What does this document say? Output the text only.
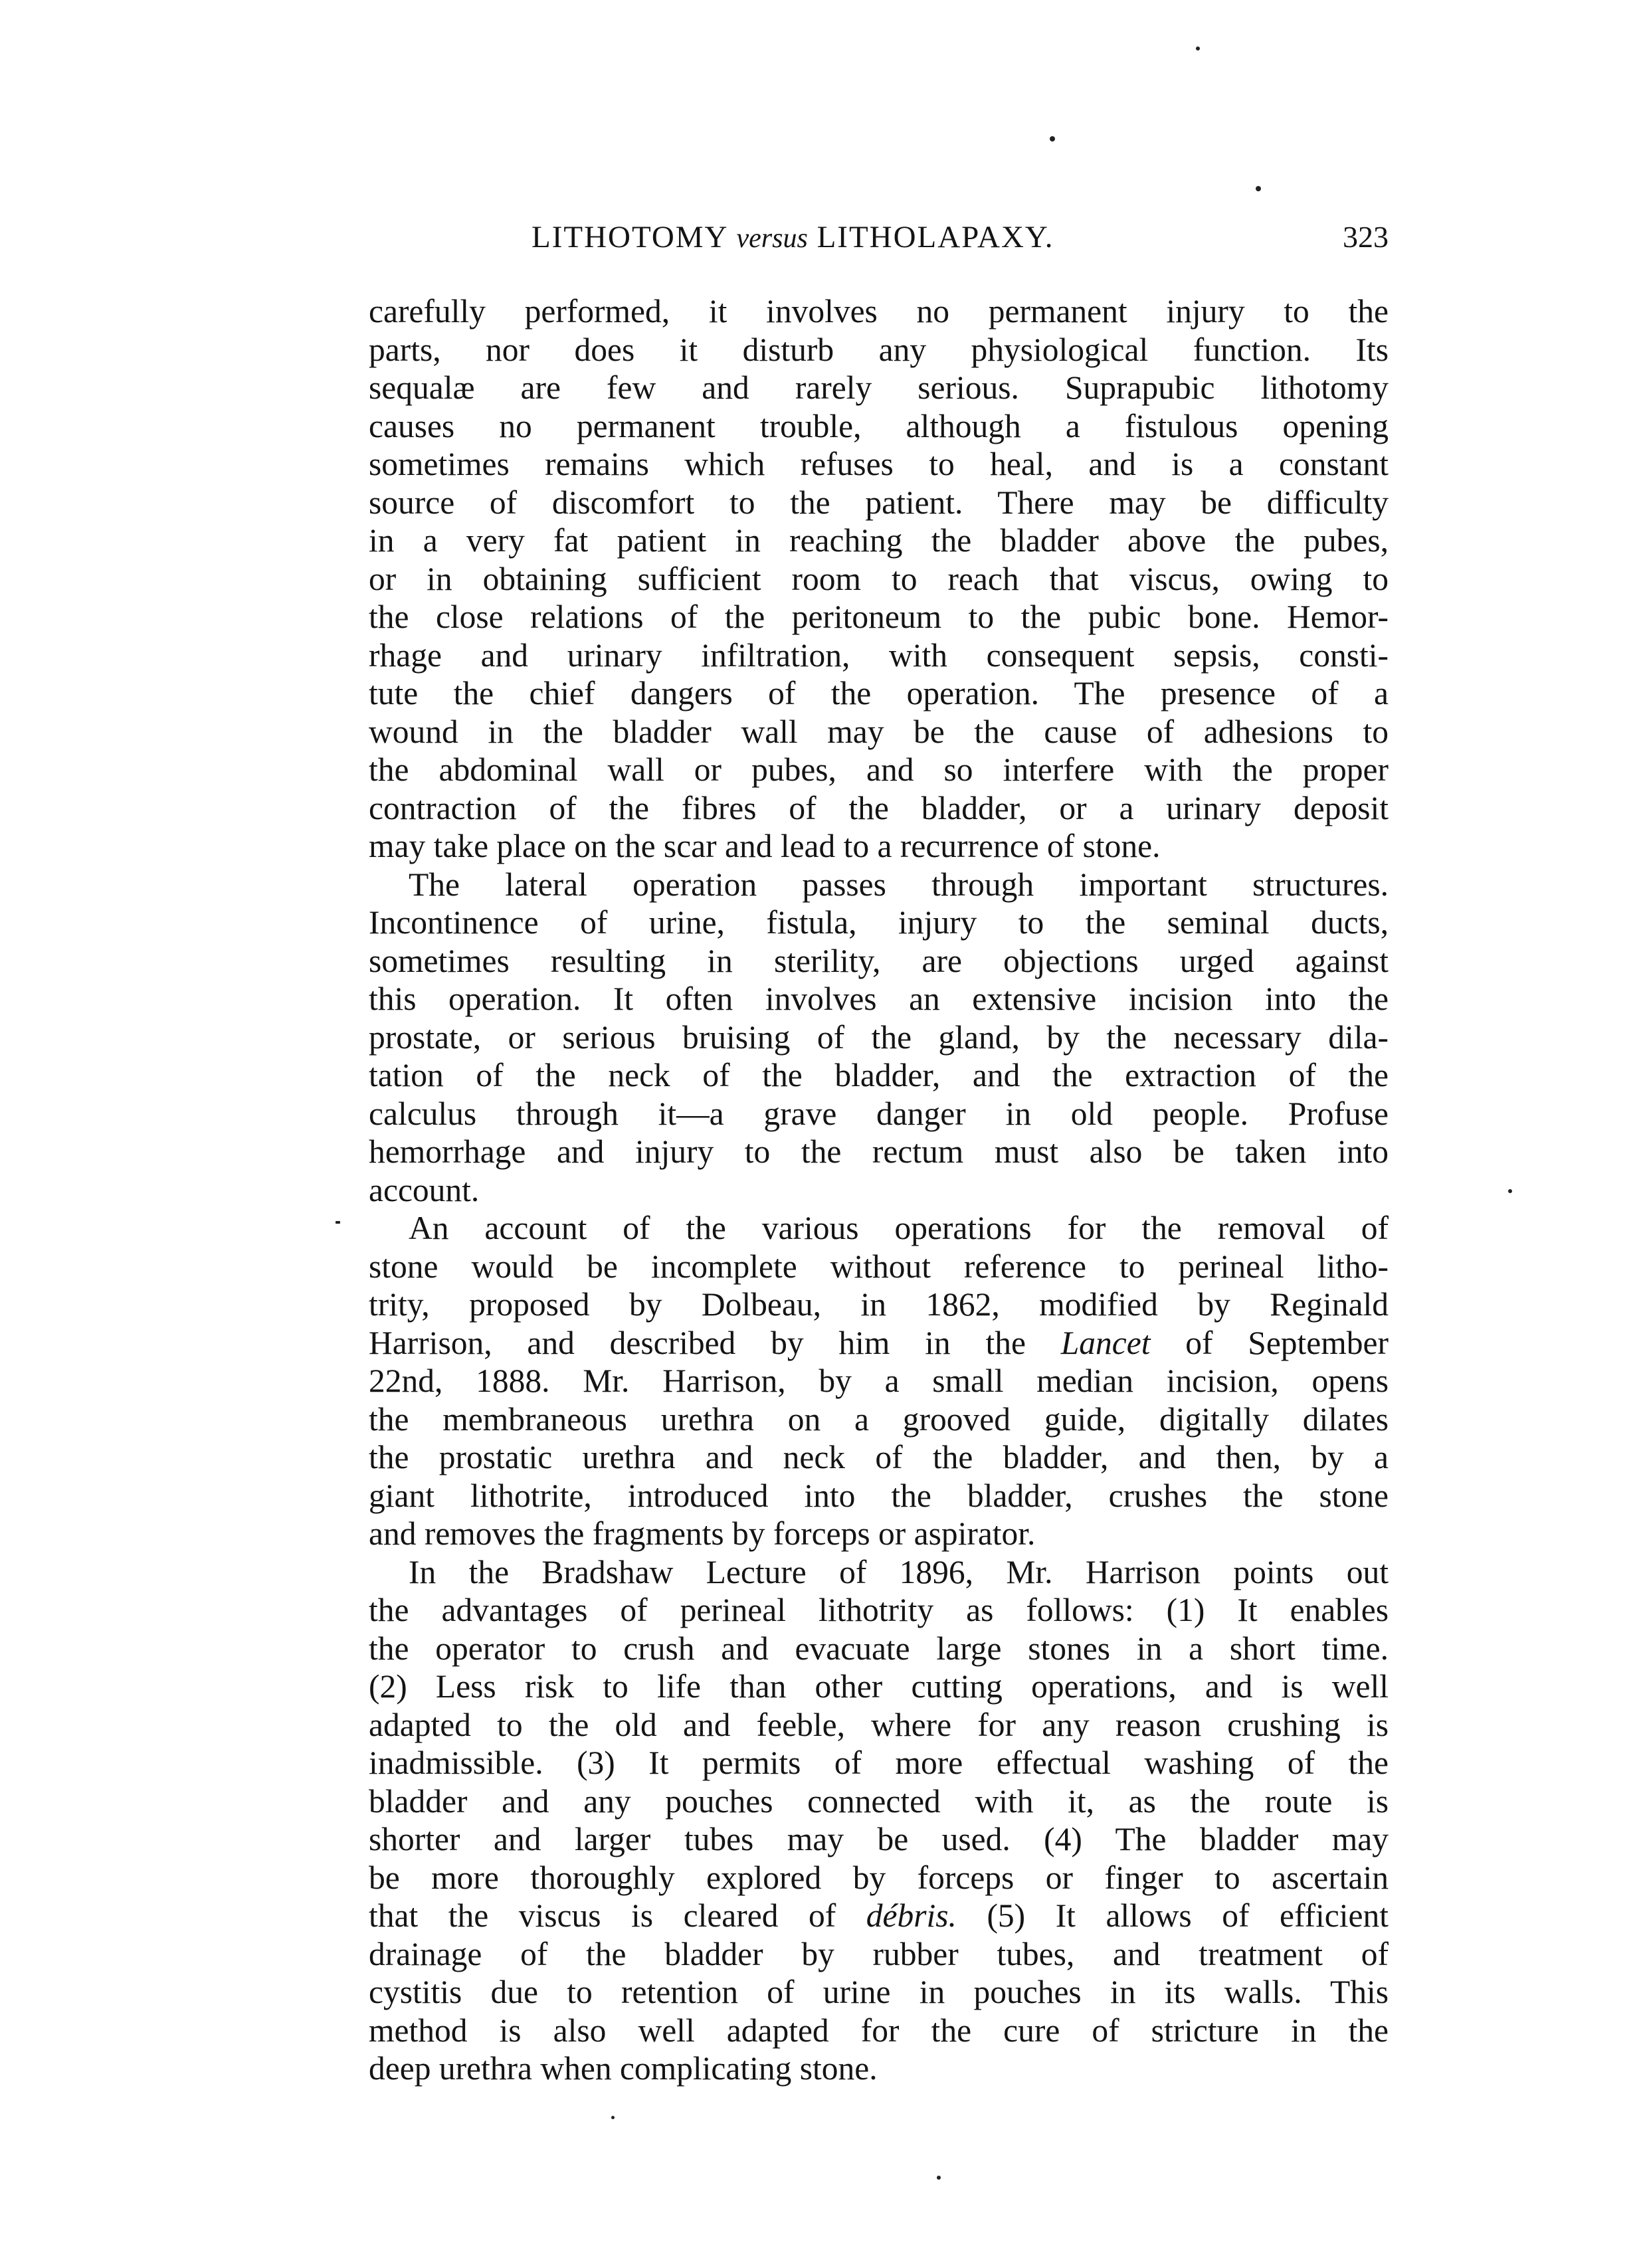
LITHOTOMY versus LITHOLAPAXY.	323
carefully performed, it involves no permanent injury to the
parts, nor does it disturb any physiological function. Its
sequalæ are few and rarely serious. Suprapubic lithotomy
causes no permanent trouble, although a fistulous opening
sometimes remains which refuses to heal, and is a constant
source of discomfort to the patient. There may be difficulty
in a very fat patient in reaching the bladder above the pubes,
or in obtaining sufficient room to reach that viscus, owing to
the close relations of the peritoneum to the pubic bone. Hemor-
rhage and urinary infiltration, with consequent sepsis, consti-
tute the chief dangers of the operation. The presence of a
wound in the bladder wall may be the cause of adhesions to
the abdominal wall or pubes, and so interfere with the proper
contraction of the fibres of the bladder, or a urinary deposit
may take place on the scar and lead to a recurrence of stone.
The lateral operation passes through important structures.
Incontinence of urine, fistula, injury to the seminal ducts,
sometimes resulting in sterility, are objections urged against
this operation. It often involves an extensive incision into the
prostate, or serious bruising of the gland, by the necessary dila-
tation of the neck of the bladder, and the extraction of the
calculus through it—a grave danger in old people. Profuse
hemorrhage and injury to the rectum must also be taken into
account.
An account of the various operations for the removal of
stone would be incomplete without reference to perineal litho-
trity, proposed by Dolbeau, in 1862, modified by Reginald
Harrison, and described by him in the Lancet of September
22nd, 1888. Mr. Harrison, by a small median incision, opens
the membraneous urethra on a grooved guide, digitally dilates
the prostatic urethra and neck of the bladder, and then, by a
giant lithotrite, introduced into the bladder, crushes the stone
and removes the fragments by forceps or aspirator.
In the Bradshaw Lecture of 1896, Mr. Harrison points out
the advantages of perineal lithotrity as follows: (1) It enables
the operator to crush and evacuate large stones in a short time.
(2) Less risk to life than other cutting operations, and is well
adapted to the old and feeble, where for any reason crushing is
inadmissible. (3) It permits of more effectual washing of the
bladder and any pouches connected with it, as the route is
shorter and larger tubes may be used. (4) The bladder may
be more thoroughly explored by forceps or finger to ascertain
that the viscus is cleared of débris. (5) It allows of efficient
drainage of the bladder by rubber tubes, and treatment of
cystitis due to retention of urine in pouches in its walls. This
method is also well adapted for the cure of stricture in the
deep urethra when complicating stone.
